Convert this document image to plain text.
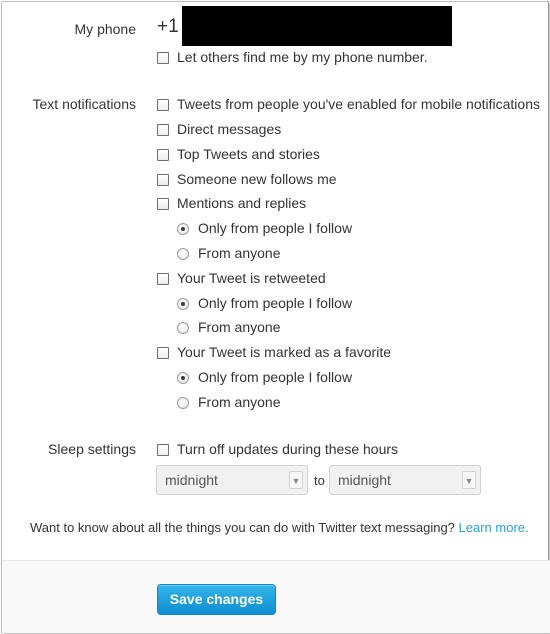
My phone +1
Let others find me by my phone number.
Text notifications	Tweets from people you've enabled for mobile notifications
Direct messages
Top Tweets and stories
Someone new follows me
Mentions and replies
Only from people I follow
From anyone
Your Tweet is retweeted
Only from people I follow
From anyone
Your Tweet is marked as a favorite
Only from people I follow
From anyone
Sleep settings	Turn off updates during these hours
midnight	▼ to midnight	▼
Want to know about all the things you can do with Twitter text messaging? Learn more.
Save changes
